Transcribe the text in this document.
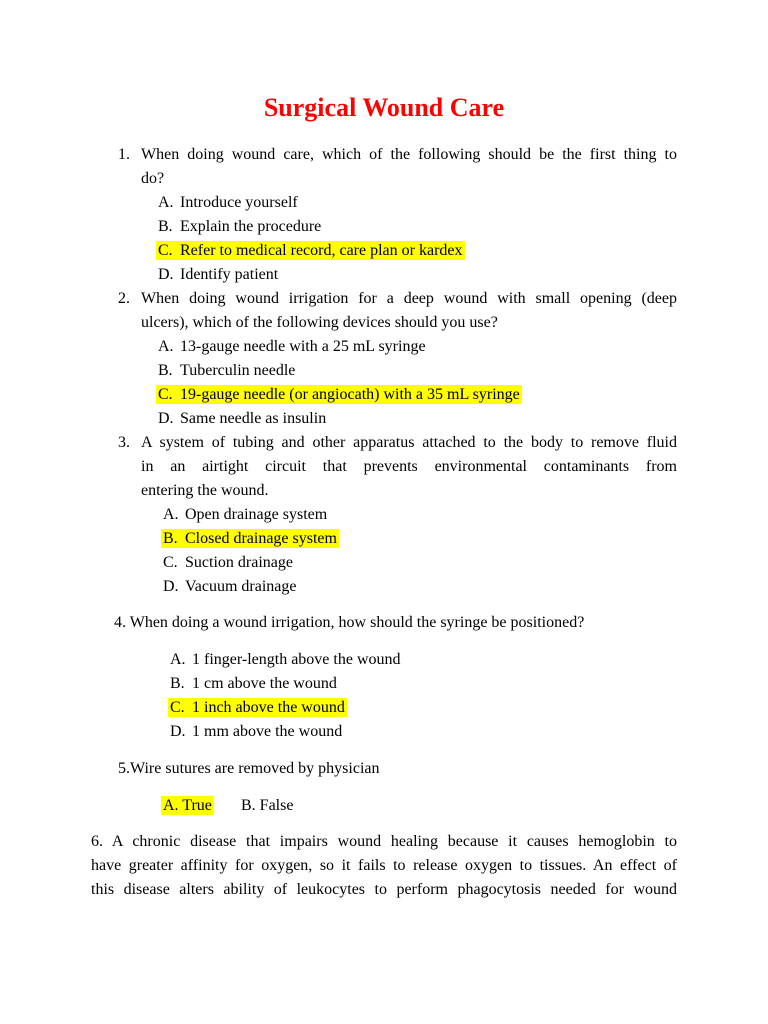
Surgical Wound Care
1. When doing wound care, which of the following should be the first thing to
do?
A. Introduce yourself
B. Explain the procedure
C. Refer to medical record, care plan or kardex
D. Identify patient
2. When doing wound irrigation for a deep wound with small opening (deep
ulcers), which of the following devices should you use?
A. 13-gauge needle with a 25 mL syringe
B. Tuberculin needle
C. 19-gauge needle (or angiocath) with a 35 mL syringe
D. Same needle as insulin
3. A system of tubing and other apparatus attached to the body to remove fluid
in an airtight circuit that prevents environmental contaminants from
entering the wound.
A. Open drainage system
B. Closed drainage system
C. Suction drainage
D. Vacuum drainage
4. When doing a wound irrigation, how should the syringe be positioned?
A. 1 finger-length above the wound
B. 1 cm above the wound
C. 1 inch above the wound
D. 1 mm above the wound
5.Wire sutures are removed by physician
A. True B. False
6. A chronic disease that impairs wound healing because it causes hemoglobin to
have greater affinity for oxygen, so it fails to release oxygen to tissues. An effect of
this disease alters ability of leukocytes to perform phagocytosis needed for wound
